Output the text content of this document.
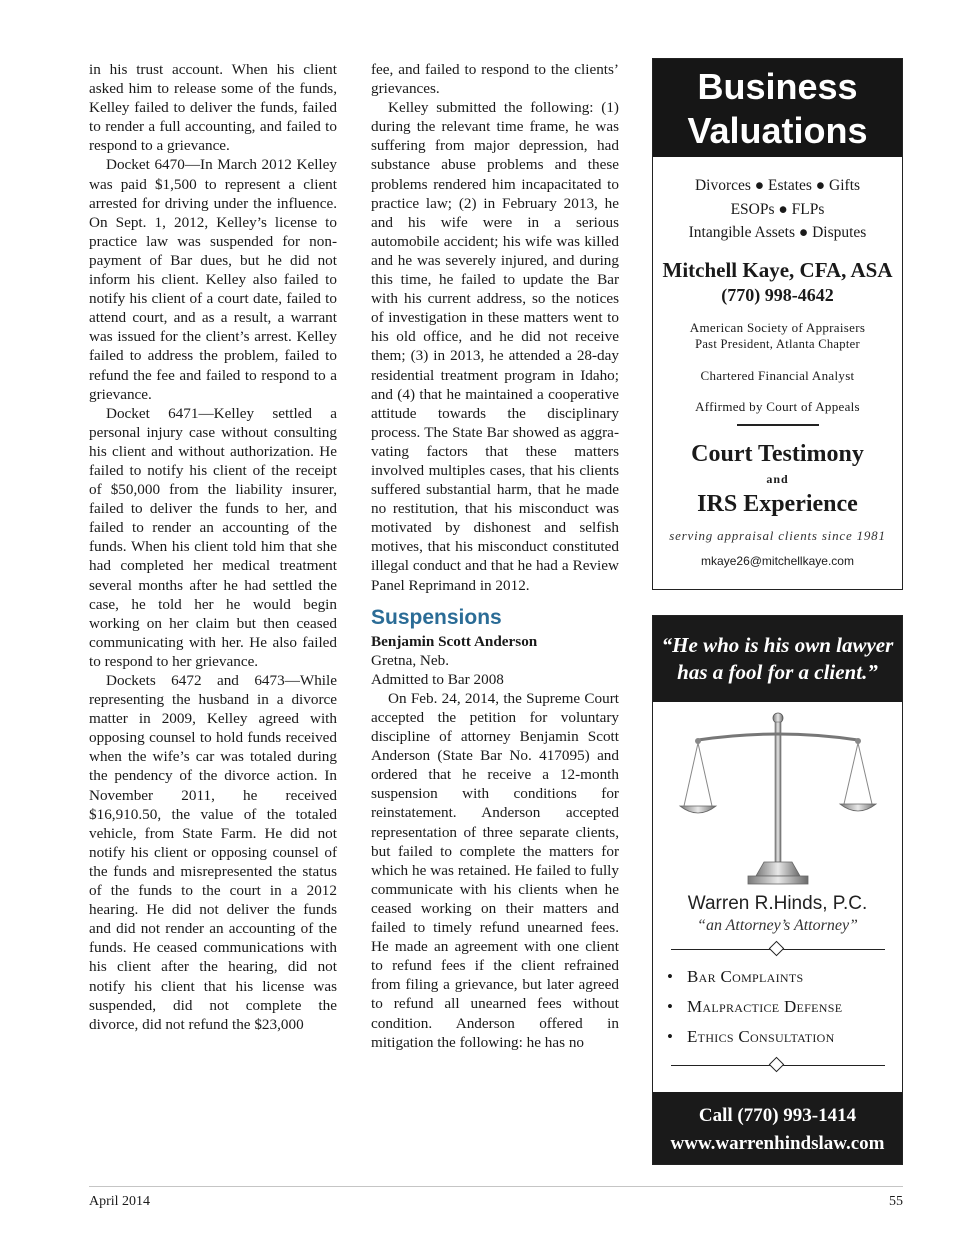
in his trust account. When his client asked him to release some of the funds, Kelley failed to deliver the funds, failed to render a full accounting, and failed to respond to a grievance.

Docket 6470—In March 2012 Kelley was paid $1,500 to represent a client arrested for driving under the influence. On Sept. 1, 2012, Kelley’s license to practice law was suspended for non-payment of Bar dues, but he did not inform his client. Kelley also failed to notify his client of a court date, failed to attend court, and as a result, a warrant was issued for the client’s arrest. Kelley failed to address the problem, failed to refund the fee and failed to respond to a grievance.

Docket 6471—Kelley settled a personal injury case without consulting his client and without authorization. He failed to notify his client of the receipt of $50,000 from the liability insurer, failed to deliver the funds to her, and failed to render an accounting of the funds. When his client told him that she had completed her medical treatment several months after he had settled the case, he told her he would begin working on her claim but then ceased communicating with her. He also failed to respond to her grievance.

Dockets 6472 and 6473—While representing the husband in a divorce matter in 2009, Kelley agreed with opposing counsel to hold funds received when the wife’s car was totaled during the pendency of the divorce action. In November 2011, he received $16,910.50, the value of the totaled vehicle, from State Farm. He did not notify his client or opposing counsel of the funds and misrepresented the status of the funds to the court in a 2012 hearing. He did not deliver the funds and did not render an accounting of the funds. He ceased communications with his client after the hearing, did not notify his client that his license was suspended, did not complete the divorce, did not refund the $23,000

fee, and failed to respond to the clients’ grievances.

Kelley submitted the following: (1) during the relevant time frame, he was suffering from major depression, had substance abuse problems and these problems rendered him incapacitated to practice law; (2) in February 2013, he and his wife were in a serious automobile accident; his wife was killed and he was severely injured, and during this time, he failed to update the Bar with his current address, so the notices of investigation in these matters went to his old office, and he did not receive them; (3) in 2013, he attended a 28-day residential treatment program in Idaho; and (4) that he maintained a cooperative attitude towards the disciplinary process. The State Bar showed as aggravating factors that these matters involved multiples cases, that his clients suffered substantial harm, that he made no restitution, that his misconduct was motivated by dishonest and selfish motives, that his misconduct constituted illegal conduct and that he had a Review Panel Reprimand in 2012.

Suspensions
Benjamin Scott Anderson
Gretna, Neb.
Admitted to Bar 2008

On Feb. 24, 2014, the Supreme Court accepted the petition for voluntary discipline of attorney Benjamin Scott Anderson (State Bar No. 417095) and ordered that he receive a 12-month suspension with conditions for reinstatement. Anderson accepted representation of three separate clients, but failed to complete the matters for which he was retained. He failed to fully communicate with his clients when he ceased working on their matters and failed to timely refund unearned fees. He made an agreement with one client to refund fees if the client refrained from filing a grievance, but later agreed to refund all unearned fees without condition. Anderson offered in mitigation the following: he has no

Business
Valuations
Divorces ● Estates ● Gifts
ESOPs ● FLPs
Intangible Assets ● Disputes
Mitchell Kaye, CFA, ASA
(770) 998-4642
American Society of Appraisers
Past President, Atlanta Chapter
Chartered Financial Analyst
Affirmed by Court of Appeals
Court Testimony
and
IRS Experience
serving appraisal clients since 1981
mkaye26@mitchellkaye.com
“He who is his own lawyer
has a fool for a client.”
Warren R.Hinds, P.C.
“an Attorney’s Attorney”
• Bar Complaints
• Malpractice Defense
• Ethics Consultation
Call (770) 993-1414
www.warrenhindslaw.com
April 2014	55
